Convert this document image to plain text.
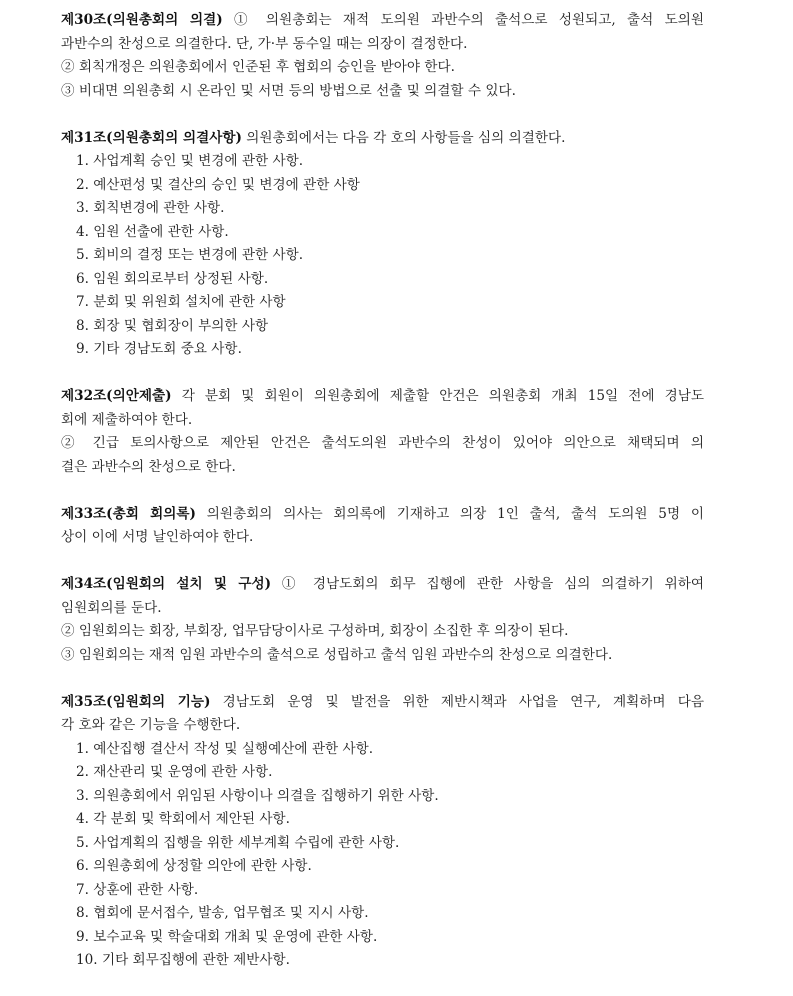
제30조(의원총회의 의결) ① 의원총회는 재적 도의원 과반수의 출석으로 성원되고, 출석 도의원
과반수의 찬성으로 의결한다. 단, 가·부 동수일 때는 의장이 결정한다.
② 회칙개정은 의원총회에서 인준된 후 협회의 승인을 받아야 한다.
③ 비대면 의원총회 시 온라인 및 서면 등의 방법으로 선출 및 의결할 수 있다.
제31조(의원총회의 의결사항) 의원총회에서는 다음 각 호의 사항들을 심의 의결한다.
1. 사업계획 승인 및 변경에 관한 사항.
2. 예산편성 및 결산의 승인 및 변경에 관한 사항
3. 회칙변경에 관한 사항.
4. 임원 선출에 관한 사항.
5. 회비의 결정 또는 변경에 관한 사항.
6. 임원 회의로부터 상정된 사항.
7. 분회 및 위원회 설치에 관한 사항
8. 회장 및 협회장이 부의한 사항
9. 기타 경남도회 중요 사항.
제32조(의안제출) 각 분회 및 회원이 의원총회에 제출할 안건은 의원총회 개최 15일 전에 경남도
회에 제출하여야 한다.
② 긴급 토의사항으로 제안된 안건은 출석도의원 과반수의 찬성이 있어야 의안으로 채택되며 의
결은 과반수의 찬성으로 한다.
제33조(총회 회의록) 의원총회의 의사는 회의록에 기재하고 의장 1인 출석, 출석 도의원 5명 이
상이 이에 서명 날인하여야 한다.
제34조(임원회의 설치 및 구성) ① 경남도회의 회무 집행에 관한 사항을 심의 의결하기 위하여
임원회의를 둔다.
② 임원회의는 회장, 부회장, 업무담당이사로 구성하며, 회장이 소집한 후 의장이 된다.
③ 임원회의는 재적 임원 과반수의 출석으로 성립하고 출석 임원 과반수의 찬성으로 의결한다.
제35조(임원회의 기능) 경남도회 운영 및 발전을 위한 제반시책과 사업을 연구, 계획하며 다음
각 호와 같은 기능을 수행한다.
1. 예산집행 결산서 작성 및 실행예산에 관한 사항.
2. 재산관리 및 운영에 관한 사항.
3. 의원총회에서 위임된 사항이나 의결을 집행하기 위한 사항.
4. 각 분회 및 학회에서 제안된 사항.
5. 사업계획의 집행을 위한 세부계획 수립에 관한 사항.
6. 의원총회에 상정할 의안에 관한 사항.
7. 상훈에 관한 사항.
8. 협회에 문서접수, 발송, 업무협조 및 지시 사항.
9. 보수교육 및 학술대회 개최 및 운영에 관한 사항.
10. 기타 회무집행에 관한 제반사항.
